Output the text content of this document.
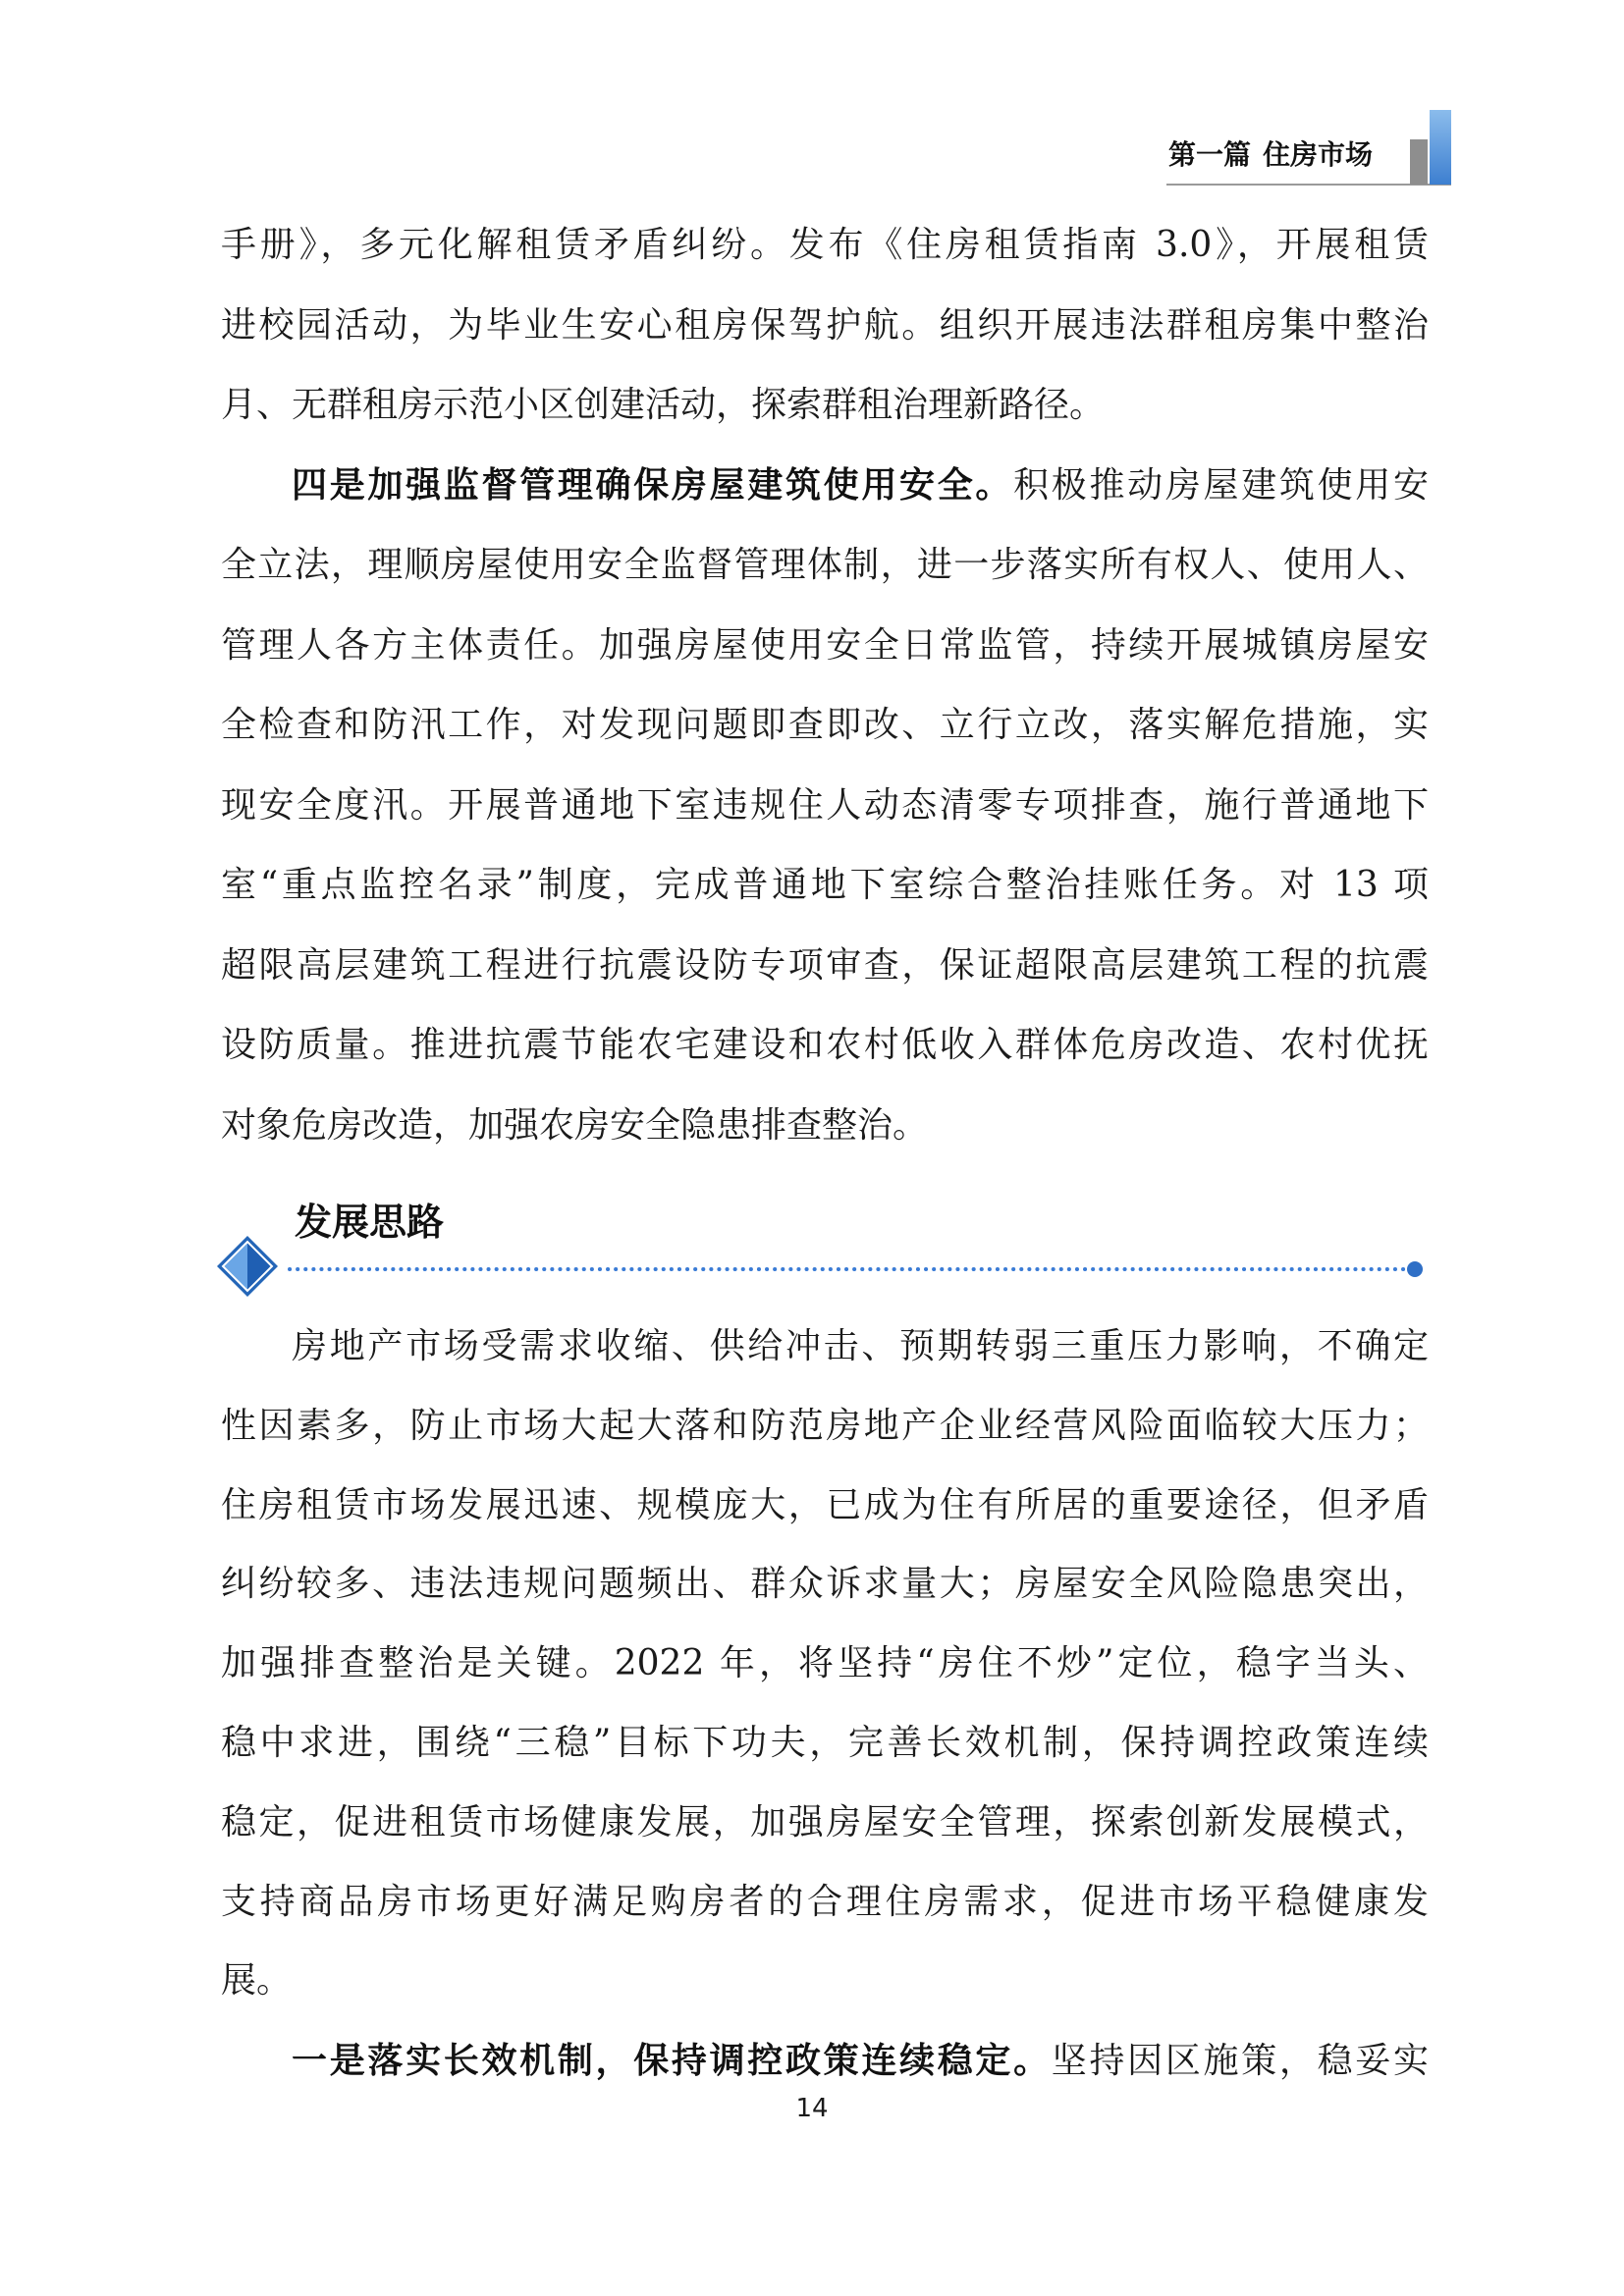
第一篇 住房市场
手册》，多元化解租赁矛盾纠纷。发布《住房租赁指南 3.0》，开展租赁
进校园活动，为毕业生安心租房保驾护航。组织开展违法群租房集中整治
月、无群租房示范小区创建活动，探索群租治理新路径。
四是加强监督管理确保房屋建筑使用安全。积极推动房屋建筑使用安
全立法，理顺房屋使用安全监督管理体制，进一步落实所有权人、使用人、
管理人各方主体责任。加强房屋使用安全日常监管，持续开展城镇房屋安
全检查和防汛工作，对发现问题即查即改、立行立改，落实解危措施，实
现安全度汛。开展普通地下室违规住人动态清零专项排查，施行普通地下
室“重点监控名录”制度，完成普通地下室综合整治挂账任务。对 13 项
超限高层建筑工程进行抗震设防专项审查，保证超限高层建筑工程的抗震
设防质量。推进抗震节能农宅建设和农村低收入群体危房改造、农村优抚
对象危房改造，加强农房安全隐患排查整治。
发展思路
房地产市场受需求收缩、供给冲击、预期转弱三重压力影响，不确定
性因素多，防止市场大起大落和防范房地产企业经营风险面临较大压力；
住房租赁市场发展迅速、规模庞大，已成为住有所居的重要途径，但矛盾
纠纷较多、违法违规问题频出、群众诉求量大；房屋安全风险隐患突出，
加强排查整治是关键。2022 年，将坚持“房住不炒”定位，稳字当头、
稳中求进，围绕“三稳”目标下功夫，完善长效机制，保持调控政策连续
稳定，促进租赁市场健康发展，加强房屋安全管理，探索创新发展模式，
支持商品房市场更好满足购房者的合理住房需求，促进市场平稳健康发
展。
一是落实长效机制，保持调控政策连续稳定。坚持因区施策，稳妥实
14
